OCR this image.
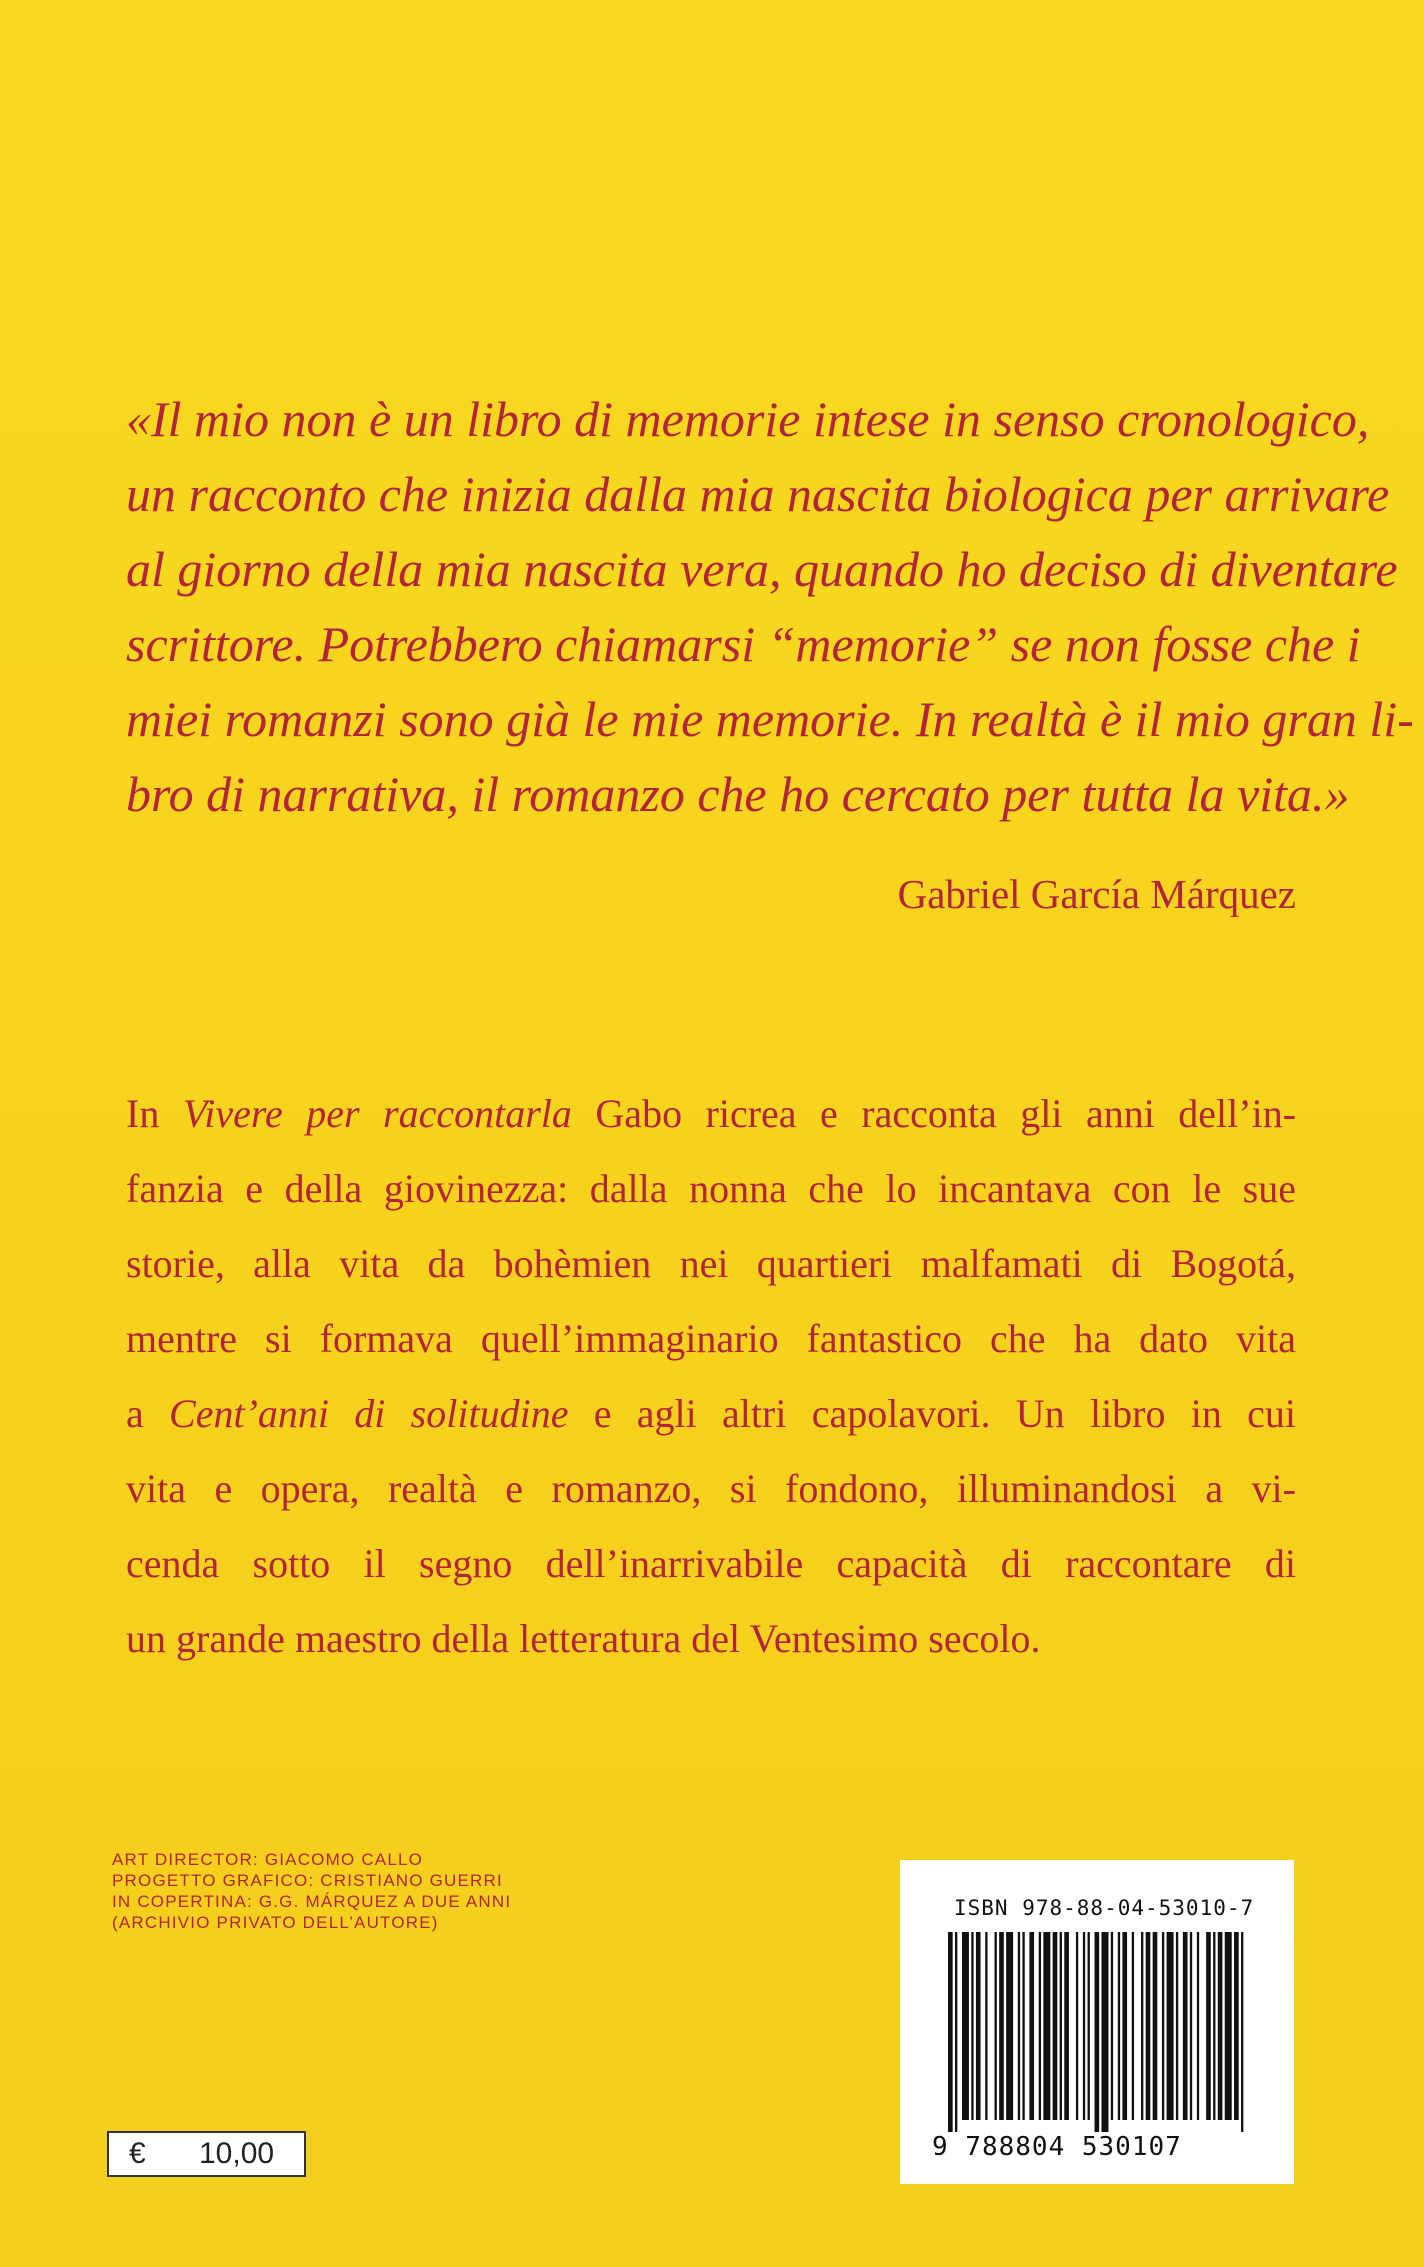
«Il mio non è un libro di memorie intese in senso cronologico,
un racconto che inizia dalla mia nascita biologica per arrivare
al giorno della mia nascita vera, quando ho deciso di diventare
scrittore. Potrebbero chiamarsi “memorie” se non fosse che i
miei romanzi sono già le mie memorie. In realtà è il mio gran li-
bro di narrativa, il romanzo che ho cercato per tutta la vita.»
Gabriel García Márquez
In Vivere per raccontarla Gabo ricrea e racconta gli anni dell’in-
fanzia e della giovinezza: dalla nonna che lo incantava con le sue
storie, alla vita da bohèmien nei quartieri malfamati di Bogotá,
mentre si formava quell’immaginario fantastico che ha dato vita
a Cent’anni di solitudine e agli altri capolavori. Un libro in cui
vita e opera, realtà e romanzo, si fondono, illuminandosi a vi-
cenda sotto il segno dell’inarrivabile capacità di raccontare di
un grande maestro della letteratura del Ventesimo secolo.
ART DIRECTOR: GIACOMO CALLO
PROGETTO GRAFICO: CRISTIANO GUERRI
IN COPERTINA: G.G. MÁRQUEZ A DUE ANNI
(ARCHIVIO PRIVATO DELL’AUTORE)
€	10,00
ISBN 978-88-04-53010-7
9 788804 530107
